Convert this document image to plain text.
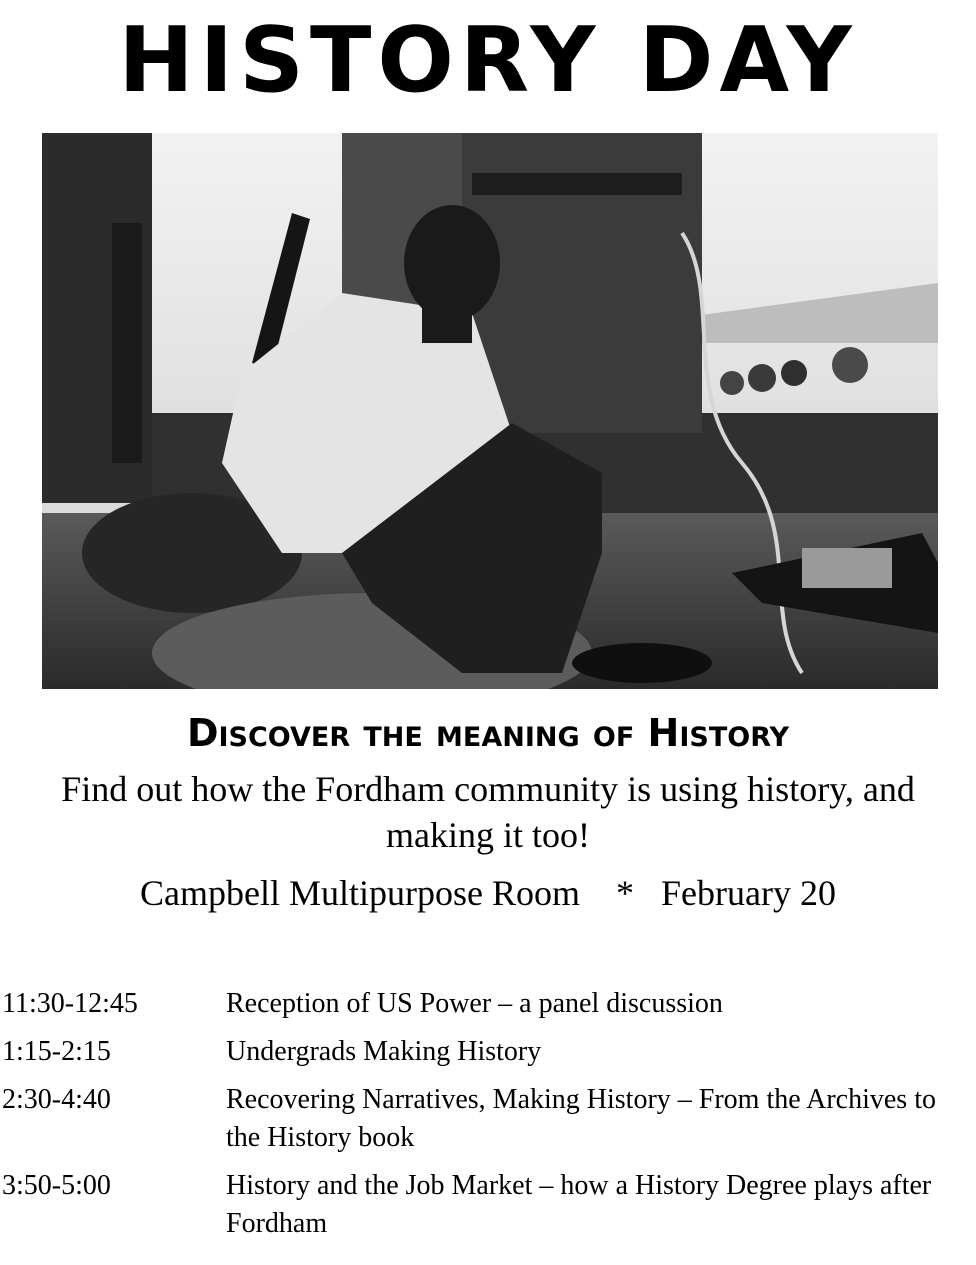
HISTORY DAY
Discover the meaning of History

Find out how the Fordham community is using history, and making it too!

Campbell Multipurpose Room * February 20

11:30-12:45	Reception of US Power – a panel discussion
1:15-2:15	Undergrads Making History
2:30-4:40	Recovering Narratives, Making History – From the Archives to the History book
3:50-5:00	History and the Job Market – how a History Degree plays after Fordham
